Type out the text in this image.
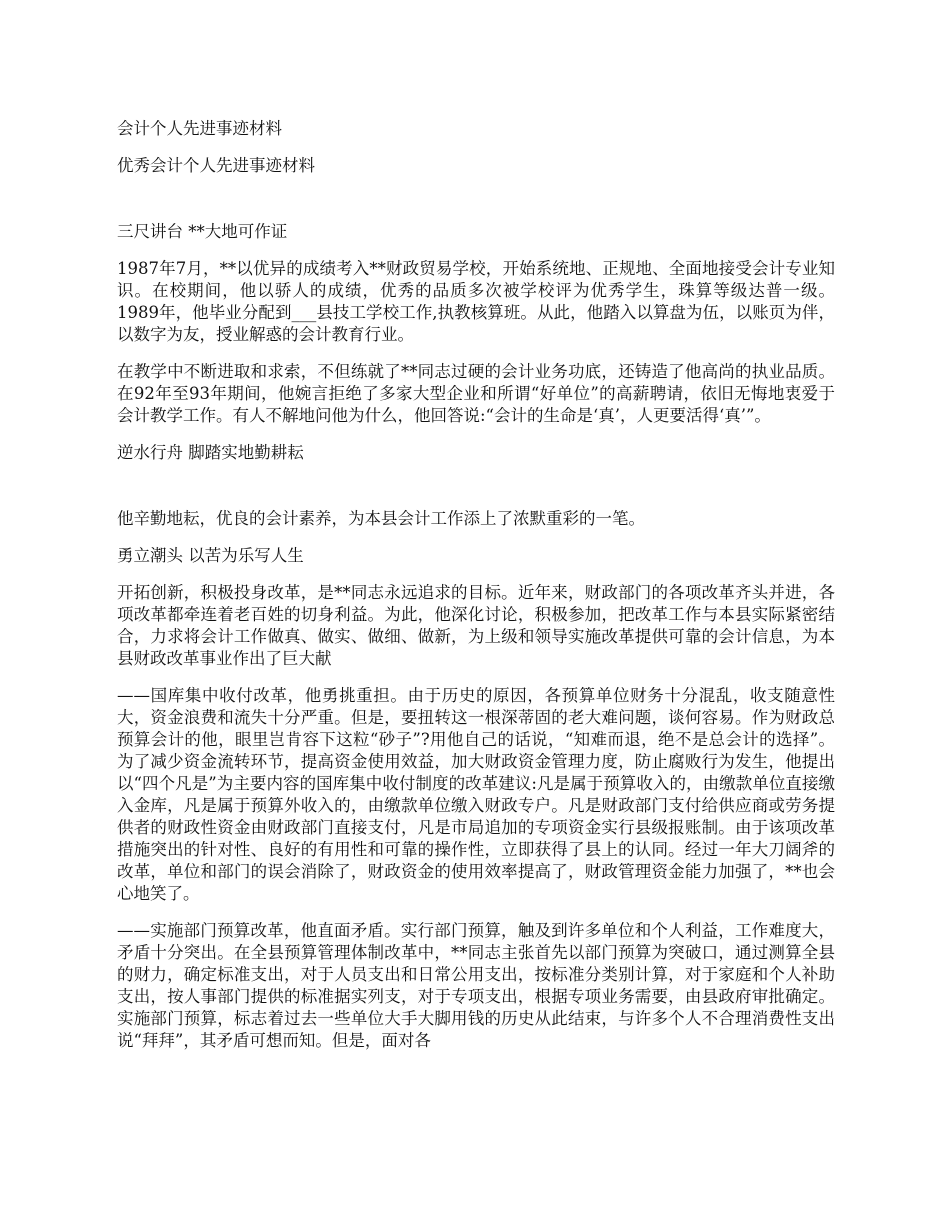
会计个人先进事迹材料

优秀会计个人先进事迹材料

三尺讲台 **大地可作证

1987年7月，**以优异的成绩考入**财政贸易学校，开始系统地、正规地、全面地接受会计专业知识。在校期间，他以骄人的成绩，优秀的品质多次被学校评为优秀学生，珠算等级达普一级。1989年，他毕业分配到___县技工学校工作,执教核算班。从此，他踏入以算盘为伍，以账页为伴，以数字为友，授业解惑的会计教育行业。

在教学中不断进取和求索，不但练就了**同志过硬的会计业务功底，还铸造了他高尚的执业品质。在92年至93年期间，他婉言拒绝了多家大型企业和所谓“好单位”的高薪聘请，依旧无悔地衷爱于会计教学工作。有人不解地问他为什么，他回答说:“会计的生命是‘真’，人更要活得‘真’”。

逆水行舟 脚踏实地勤耕耘

他辛勤地耘，优良的会计素养，为本县会计工作添上了浓默重彩的一笔。

勇立潮头 以苦为乐写人生

开拓创新，积极投身改革，是**同志永远追求的目标。近年来，财政部门的各项改革齐头并进，各项改革都牵连着老百姓的切身利益。为此，他深化讨论，积极参加，把改革工作与本县实际紧密结合，力求将会计工作做真、做实、做细、做新，为上级和领导实施改革提供可靠的会计信息，为本县财政改革事业作出了巨大献

——国库集中收付改革，他勇挑重担。由于历史的原因，各预算单位财务十分混乱，收支随意性大，资金浪费和流失十分严重。但是，要扭转这一根深蒂固的老大难问题，谈何容易。作为财政总预算会计的他，眼里岂肯容下这粒“砂子”?用他自己的话说，“知难而退，绝不是总会计的选择”。为了减少资金流转环节，提高资金使用效益，加大财政资金管理力度，防止腐败行为发生，他提出以“四个凡是”为主要内容的国库集中收付制度的改革建议:凡是属于预算收入的，由缴款单位直接缴入金库，凡是属于预算外收入的，由缴款单位缴入财政专户。凡是财政部门支付给供应商或劳务提供者的财政性资金由财政部门直接支付，凡是市局追加的专项资金实行县级报账制。由于该项改革措施突出的针对性、良好的有用性和可靠的操作性，立即获得了县上的认同。经过一年大刀阔斧的改革，单位和部门的误会消除了，财政资金的使用效率提高了，财政管理资金能力加强了，**也会心地笑了。

——实施部门预算改革，他直面矛盾。实行部门预算，触及到许多单位和个人利益，工作难度大，矛盾十分突出。在全县预算管理体制改革中，**同志主张首先以部门预算为突破口，通过测算全县的财力，确定标准支出，对于人员支出和日常公用支出，按标准分类别计算，对于家庭和个人补助支出，按人事部门提供的标准据实列支，对于专项支出，根据专项业务需要，由县政府审批确定。实施部门预算，标志着过去一些单位大手大脚用钱的历史从此结束，与许多个人不合理消费性支出说“拜拜”，其矛盾可想而知。但是，面对各
